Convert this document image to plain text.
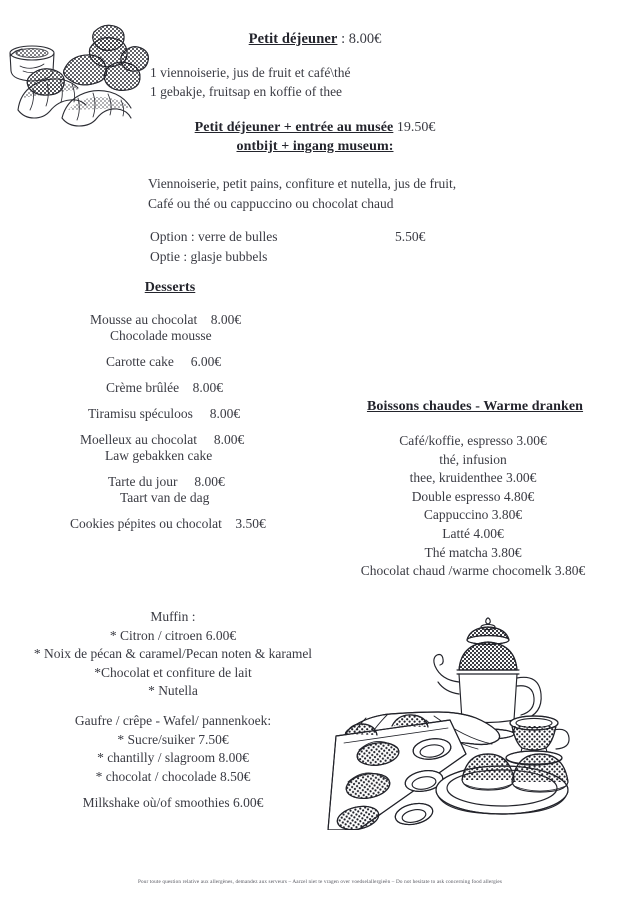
Petit déjeuner : 8.00€
1 viennoiserie, jus de fruit et café\thé
1 gebakje, fruitsap en koffie of thee
Petit déjeuner + entrée au musée 19.50€
ontbijt + ingang museum:
Viennoiserie, petit pains, confiture et nutella, jus de fruit,
Café ou thé ou cappuccino ou chocolat chaud
Option : verre de bulles	5.50€
Optie : glasje bubbels
Desserts
Mousse au chocolat    8.00€
Chocolade mousse
Carotte cake     6.00€
Crème brûlée    8.00€
Tiramisu spéculoos     8.00€
Moelleux au chocolat     8.00€
Law gebakken cake
Tarte du jour     8.00€
Taart van de dag
Cookies pépites ou chocolat    3.50€
Boissons chaudes - Warme dranken
Café/koffie, espresso 3.00€
thé, infusion
thee, kruidenthee 3.00€
Double espresso 4.80€
Cappuccino 3.80€
Latté 4.00€
Thé matcha 3.80€
Chocolat chaud /warme chocomelk 3.80€
Muffin :
* Citron / citroen 6.00€
* Noix de pécan & caramel/Pecan noten & karamel
*Chocolat et confiture de lait
* Nutella
Gaufre / crêpe - Wafel/ pannenkoek:
* Sucre/suiker 7.50€
* chantilly / slagroom 8.00€
* chocolat / chocolade 8.50€
Milkshake où/of smoothies 6.00€
Pour toute question relative aux allergènes, demandez aux serveurs – Aarzel niet te vragen over voedselallergieën – Do not hesitate to ask concerning food allergies
